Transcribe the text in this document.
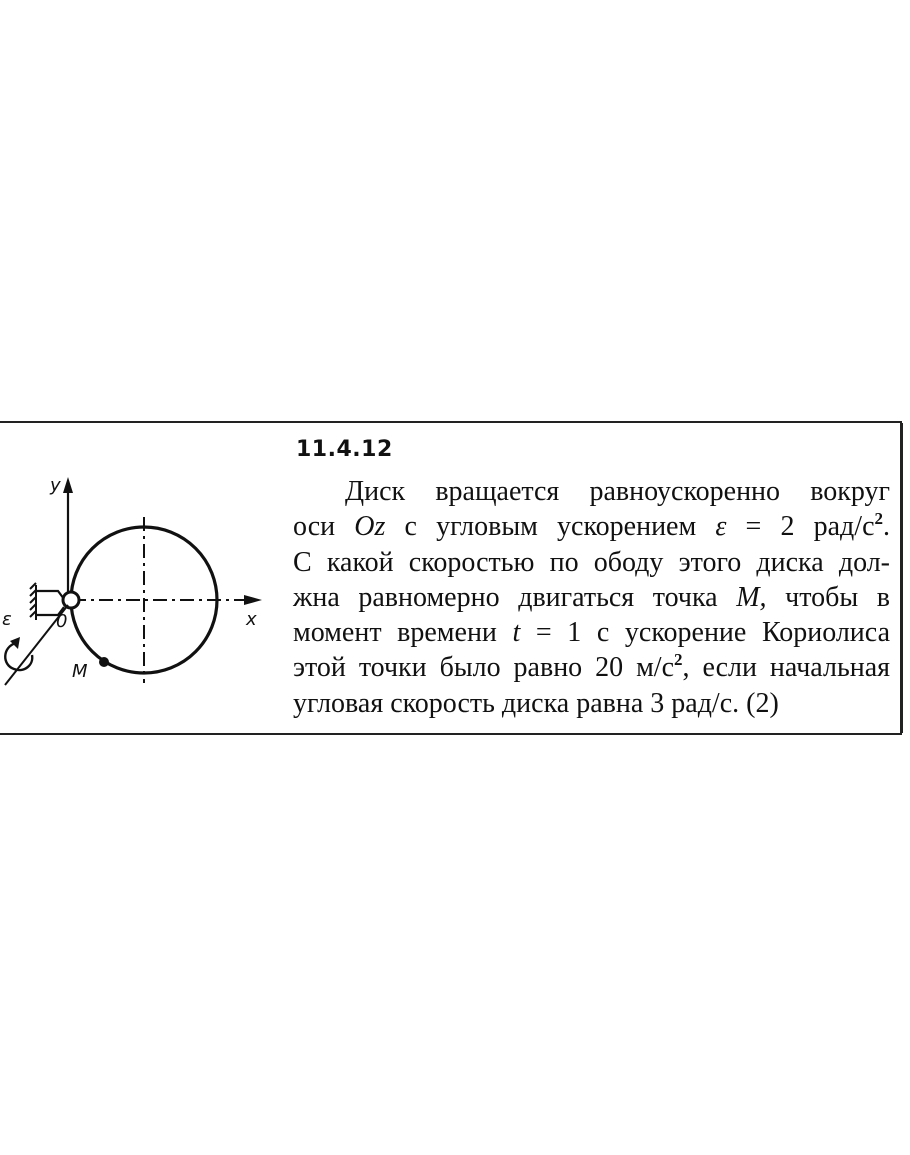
y
x
0
M
ε
11.4.12
Диск вращается равноускоренно вокруг
оси Oz с угловым ускорением ε = 2 рад/$с^2$.
С какой скоростью по ободу этого диска дол-
жна равномерно двигаться точка M, чтобы в
момент времени t = 1 с ускорение Кориолиса
этой точки было равно 20 $м/с^2$, если начальная
угловая скорость диска равна 3 рад/с. (2)
